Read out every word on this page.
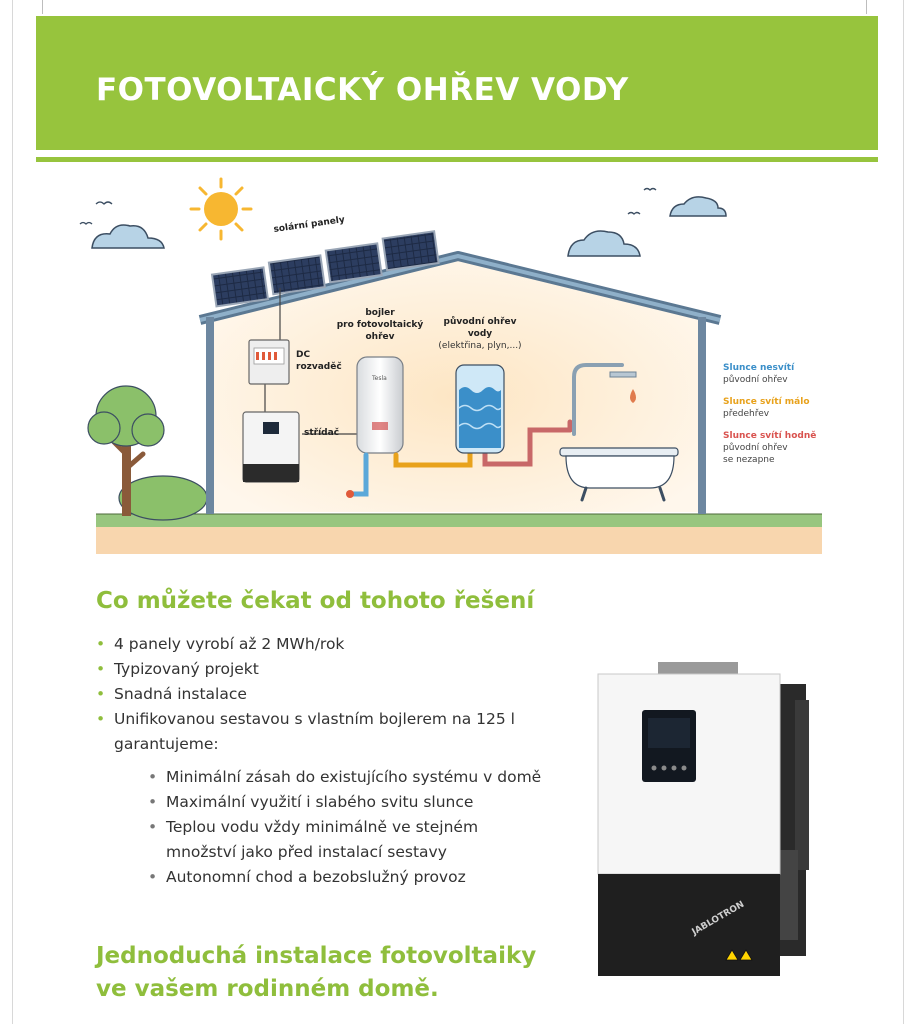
FOTOVOLTAICKÝ OHŘEV VODY
solární panely
DC
rozvaděč
střídač
Tesla
bojler
pro fotovoltaický
ohřev
původní ohřev
vody
(elektřina, plyn,...)
Slunce nesvítí
původní ohřev
Slunce svítí málo
předehřev
Slunce svítí hodně
původní ohřev
se nezapne
Co můžete čekat od tohoto řešení
• 4 panely vyrobí až 2 MWh/rok
• Typizovaný projekt
• Snadná instalace
• Unifikovanou sestavou s vlastním bojlerem na 125 l garantujeme:
• Minimální zásah do existujícího systému v domě
• Maximální využití i slabého svitu slunce
• Teplou vodu vždy minimálně ve stejném množství jako před instalací sestavy
• Autonomní chod a bezobslužný provoz
Jednoduchá instalace fotovoltaiky
ve vašem rodinném domě.
JABLOTRON
